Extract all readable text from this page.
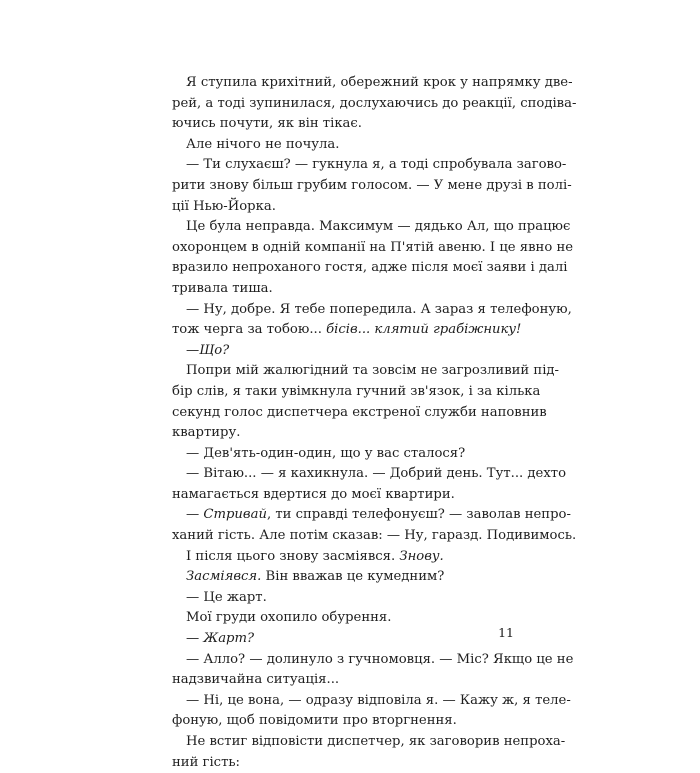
Я ступила крихітний, обережний крок у напрямку две-
рей, а тоді зупинилася, дослухаючись до реакції, сподіва-
ючись почути, як він тікає.
Але нічого не почула.
— Ти слухаєш? — гукнула я, а тоді спробувала загово-
рити знову більш грубим голосом. — У мене друзі в полі-
ції Нью-Йорка.
Це була неправда. Максимум — дядько Ал, що працює
охоронцем в одній компанії на П'ятій авеню. І це явно не
вразило непроханого гостя, адже після моєї заяви і далі
тривала тиша.
— Ну, добре. Я тебе попередила. А зараз я телефоную,
тож черга за тобою... бісів... клятий грабіжнику!
—Що?
Попри мій жалюгідний та зовсім не загрозливий під-
бір слів, я таки увімкнула гучний зв'язок, і за кілька
секунд голос диспетчера екстреної служби наповнив
квартиру.
— Дев'ять-один-один, що у вас сталося?
— Вітаю... — я кахикнула. — Добрий день. Тут... дехто
намагається вдертися до моєї квартири.
— Стривай, ти справді телефонуєш? — заволав непро-
ханий гість. Але потім сказав: — Ну, гаразд. Подивимось.
І після цього знову засміявся. Знову.
Засміявся. Він вважав це кумедним?
— Це жарт.
Мої груди охопило обурення.
— Жарт?
— Алло? — долинуло з гучномовця. — Міс? Якщо це не
надзвичайна ситуація...
— Ні, це вона, — одразу відповіла я. — Кажу ж, я теле-
фоную, щоб повідомити про вторгнення.
Не встиг відповісти диспетчер, як заговорив непроха-
ний гість:
11
